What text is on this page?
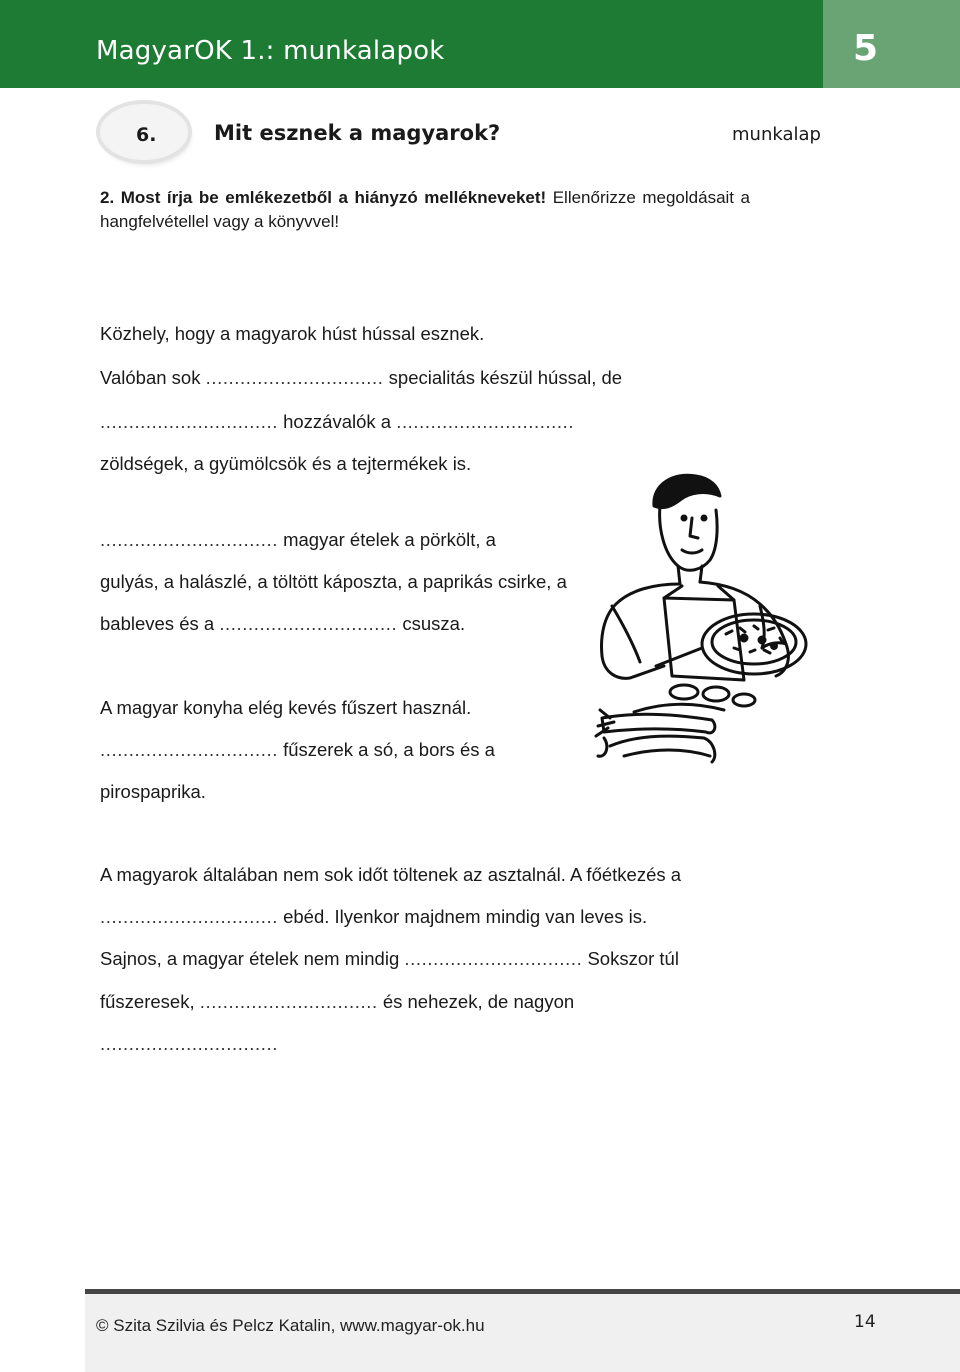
MagyarOK 1.: munkalapok	5
6.	Mit esznek a magyarok?	munkalap
2. Most írja be emlékezetből a hiányzó mellékneveket! Ellenőrizze megoldásait a hangfelvétellel vagy a könyvvel!
Közhely, hogy a magyarok húst hússal esznek.
Valóban sok ............................... specialitás készül hússal, de
............................... hozzávalók a ...............................
zöldségek, a gyümölcsök és a tejtermékek is.
............................... magyar ételek a pörkölt, a
gulyás, a halászlé, a töltött káposzta, a paprikás csirke, a
bableves és a ............................... csusza.
A magyar konyha elég kevés fűszert használ.
............................... fűszerek a só, a bors és a
pirospaprika.
A magyarok általában nem sok időt töltenek az asztalnál. A főétkezés a
............................... ebéd. Ilyenkor majdnem mindig van leves is.
Sajnos, a magyar ételek nem mindig ............................... Sokszor túl
fűszeresek, ............................... és nehezek, de nagyon
...............................
© Szita Szilvia és Pelcz Katalin, www.magyar-ok.hu	14
